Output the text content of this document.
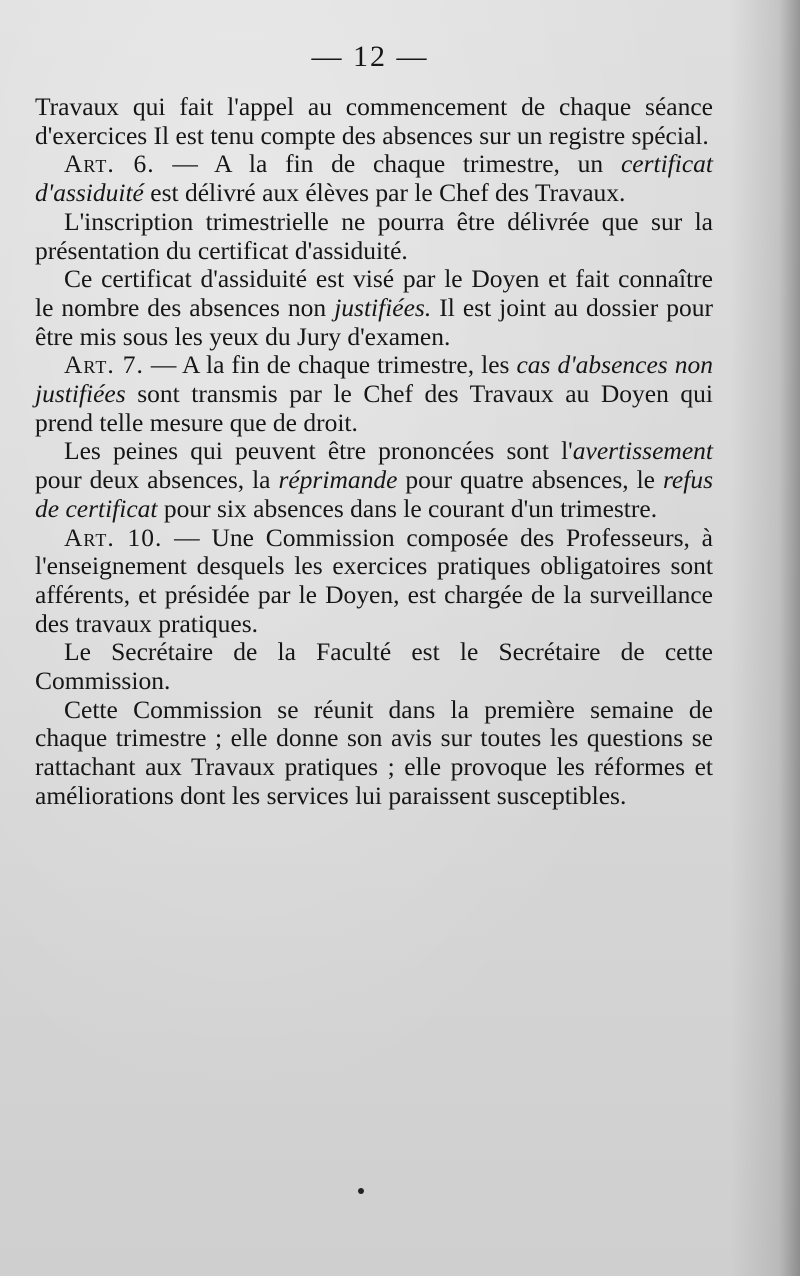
— 12 —

Travaux qui fait l'appel au commencement de chaque séance d'exercices Il est tenu compte des absences sur un registre spécial.

Art. 6. — A la fin de chaque trimestre, un certificat d'assiduité est délivré aux élèves par le Chef des Travaux.

L'inscription trimestrielle ne pourra être délivrée que sur la présentation du certificat d'assiduité.

Ce certificat d'assiduité est visé par le Doyen et fait connaître le nombre des absences non justifiées. Il est joint au dossier pour être mis sous les yeux du Jury d'examen.

Art. 7. — A la fin de chaque trimestre, les cas d'absences non justifiées sont transmis par le Chef des Travaux au Doyen qui prend telle mesure que de droit.

Les peines qui peuvent être prononcées sont l'avertissement pour deux absences, la réprimande pour quatre absences, le refus de certificat pour six absences dans le courant d'un trimestre.

Art. 10. — Une Commission composée des Professeurs, à l'enseignement desquels les exercices pratiques obligatoires sont afférents, et présidée par le Doyen, est chargée de la surveillance des travaux pratiques.

Le Secrétaire de la Faculté est le Secrétaire de cette Commission.

Cette Commission se réunit dans la première semaine de chaque trimestre ; elle donne son avis sur toutes les questions se rattachant aux Travaux pratiques ; elle provoque les réformes et améliorations dont les services lui paraissent susceptibles.
